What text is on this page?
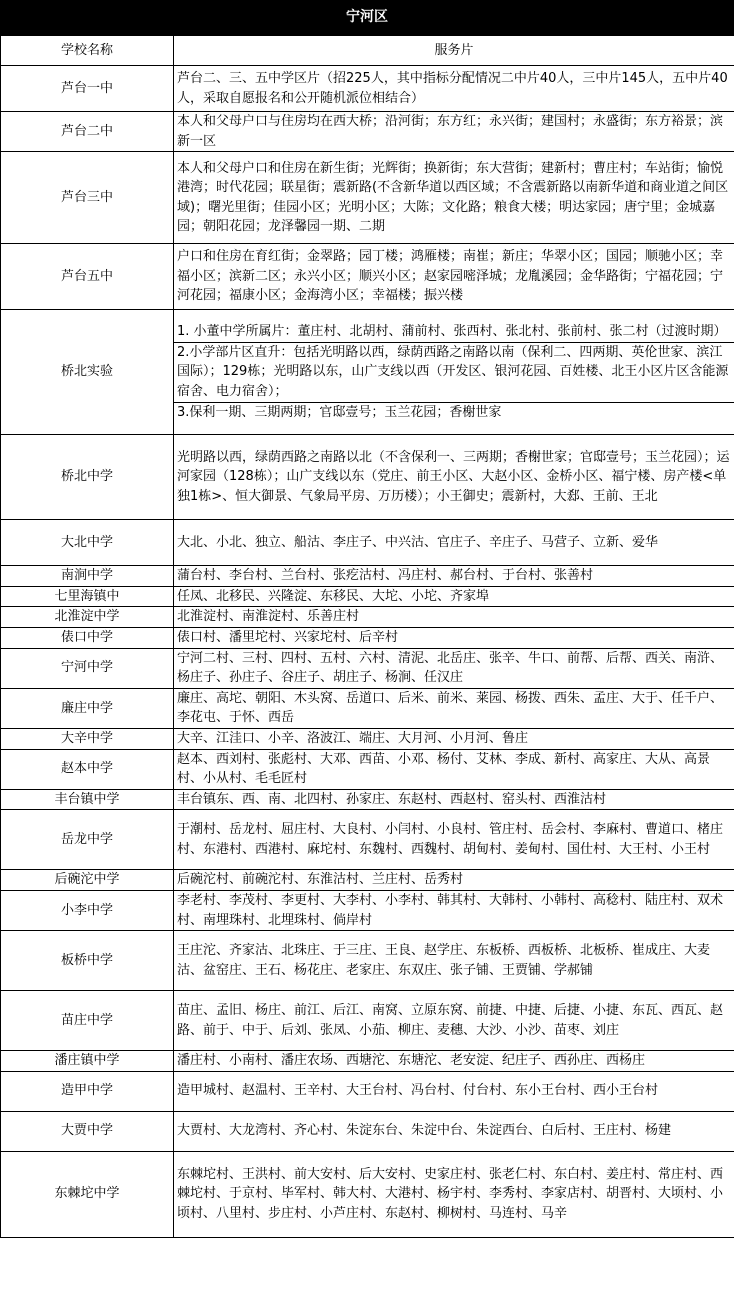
宁河区
学校名称	服务片
芦台一中	芦台二、三、五中学区片（招225人，其中指标分配情况二中片40人，三中片145人，五中片40人，采取自愿报名和公开随机派位相结合）

芦台二中	本人和父母户口与住房均在西大桥；沿河街；东方红；永兴街；建国村；永盛街；东方裕景；滨新一区

芦台三中	本人和父母户口和住房在新生街；光辉街；换新街；东大营街；建新村；曹庄村；车站街；愉悦港湾；时代花园；联星街；震新路(不含新华道以西区域；不含震新路以南新华道和商业道之间区域)；曙光里街；佳园小区；光明小区；大陈；文化路；粮食大楼；明达家园；唐宁里；金城嘉园；朝阳花园；龙泽馨园一期、二期

芦台五中	户口和住房在育红街；金翠路；园丁楼；鸿雁楼；南崔；新庄；华翠小区；国园；顺驰小区；幸福小区；滨新二区；永兴小区；顺兴小区；赵家园嘧泽城；龙胤溪园；金华路街；宁福花园；宁河花园；福康小区；金海湾小区；幸福楼；振兴楼

桥北实验	1. 小董中学所属片：董庄村、北胡村、蒲前村、张西村、张北村、张前村、张二村（过渡时期）
2.小学部片区直升：包括光明路以西，绿荫西路之南路以南（保利二、四两期、英伦世家、滨江国际）；129栋；光明路以东，山广支线以西（开发区、银河花园、百姓楼、北王小区片区含能源宿舍、电力宿舍）；
3.保利一期、三期两期；官邸壹号；玉兰花园；香榭世家

桥北中学	光明路以西，绿荫西路之南路以北（不含保利一、三两期；香榭世家；官邸壹号；玉兰花园）；运河家园（128栋）；山广支线以东（党庄、前王小区、大赵小区、金桥小区、福宁楼、房产楼<单独1栋>、恒大御景、气象局平房、万历楼）；小王御史；震新村，大郄、王前、王北

大北中学	大北、小北、独立、船沽、李庄子、中兴沽、官庄子、辛庄子、马营子、立新、爱华

南涧中学	蒲台村、李台村、兰台村、张疙沽村、冯庄村、郝台村、于台村、张善村

七里海镇中	任凤、北移民、兴隆淀、东移民、大坨、小坨、齐家埠

北淮淀中学	北淮淀村、南淮淀村、乐善庄村

俵口中学	俵口村、潘里坨村、兴家坨村、后辛村

宁河中学	宁河二村、三村、四村、五村、六村、清泥、北岳庄、张辛、牛口、前帮、后帮、西关、南浒、杨庄子、孙庄子、谷庄子、胡庄子、杨涧、任汉庄

廉庄中学	廉庄、高坨、朝阳、木头窝、岳道口、后米、前米、莱园、杨拨、西朱、孟庄、大于、任千户、李花屯、于怀、西岳

大辛中学	大辛、江洼口、小辛、洛波江、端庄、大月河、小月河、鲁庄

赵本中学	赵本、西刘村、张彪村、大邓、西苗、小邓、杨付、艾林、李成、新村、高家庄、大从、高景村、小从村、毛毛匠村

丰台镇中学	丰台镇东、西、南、北四村、孙家庄、东赵村、西赵村、窑头村、西淮沽村

岳龙中学	于潮村、岳龙村、屈庄村、大良村、小闫村、小良村、管庄村、岳会村、李麻村、曹道口、楮庄村、东港村、西港村、麻坨村、东魏村、西魏村、胡甸村、姜甸村、国仕村、大王村、小王村

后碗沱中学	后碗沱村、前碗沱村、东淮沽村、兰庄村、岳秀村

小李中学	李老村、李茂村、李更村、大李村、小李村、韩其村、大韩村、小韩村、高稔村、陆庄村、双术村、南埋珠村、北埋珠村、倘岸村

板桥中学	王庄沱、齐家沽、北珠庄、于三庄、王良、赵学庄、东板桥、西板桥、北板桥、崔成庄、大麦沽、盆窑庄、王石、杨花庄、老家庄、东双庄、张子铺、王贾铺、学郝铺

苗庄中学	苗庄、孟旧、杨庄、前江、后江、南窝、立原东窝、前捷、中捷、后捷、小捷、东瓦、西瓦、赵路、前于、中于、后刘、张凤、小茄、柳庄、麦穗、大沙、小沙、苗枣、刘庄

潘庄镇中学	潘庄村、小南村、潘庄农场、西塘沱、东塘沱、老安淀、纪庄子、西孙庄、西杨庄

造甲中学	造甲城村、赵温村、王辛村、大王台村、冯台村、付台村、东小王台村、西小王台村

大贾中学	大贾村、大龙湾村、齐心村、朱淀东台、朱淀中台、朱淀西台、白后村、王庄村、杨建

东棘坨中学	东棘坨村、王洪村、前大安村、后大安村、史家庄村、张老仁村、东白村、姜庄村、常庄村、西棘坨村、于京村、毕军村、韩大村、大港村、杨宇村、李秀村、李家店村、胡晋村、大顷村、小顷村、八里村、步庄村、小芦庄村、东赵村、柳树村、马连村、马辛
